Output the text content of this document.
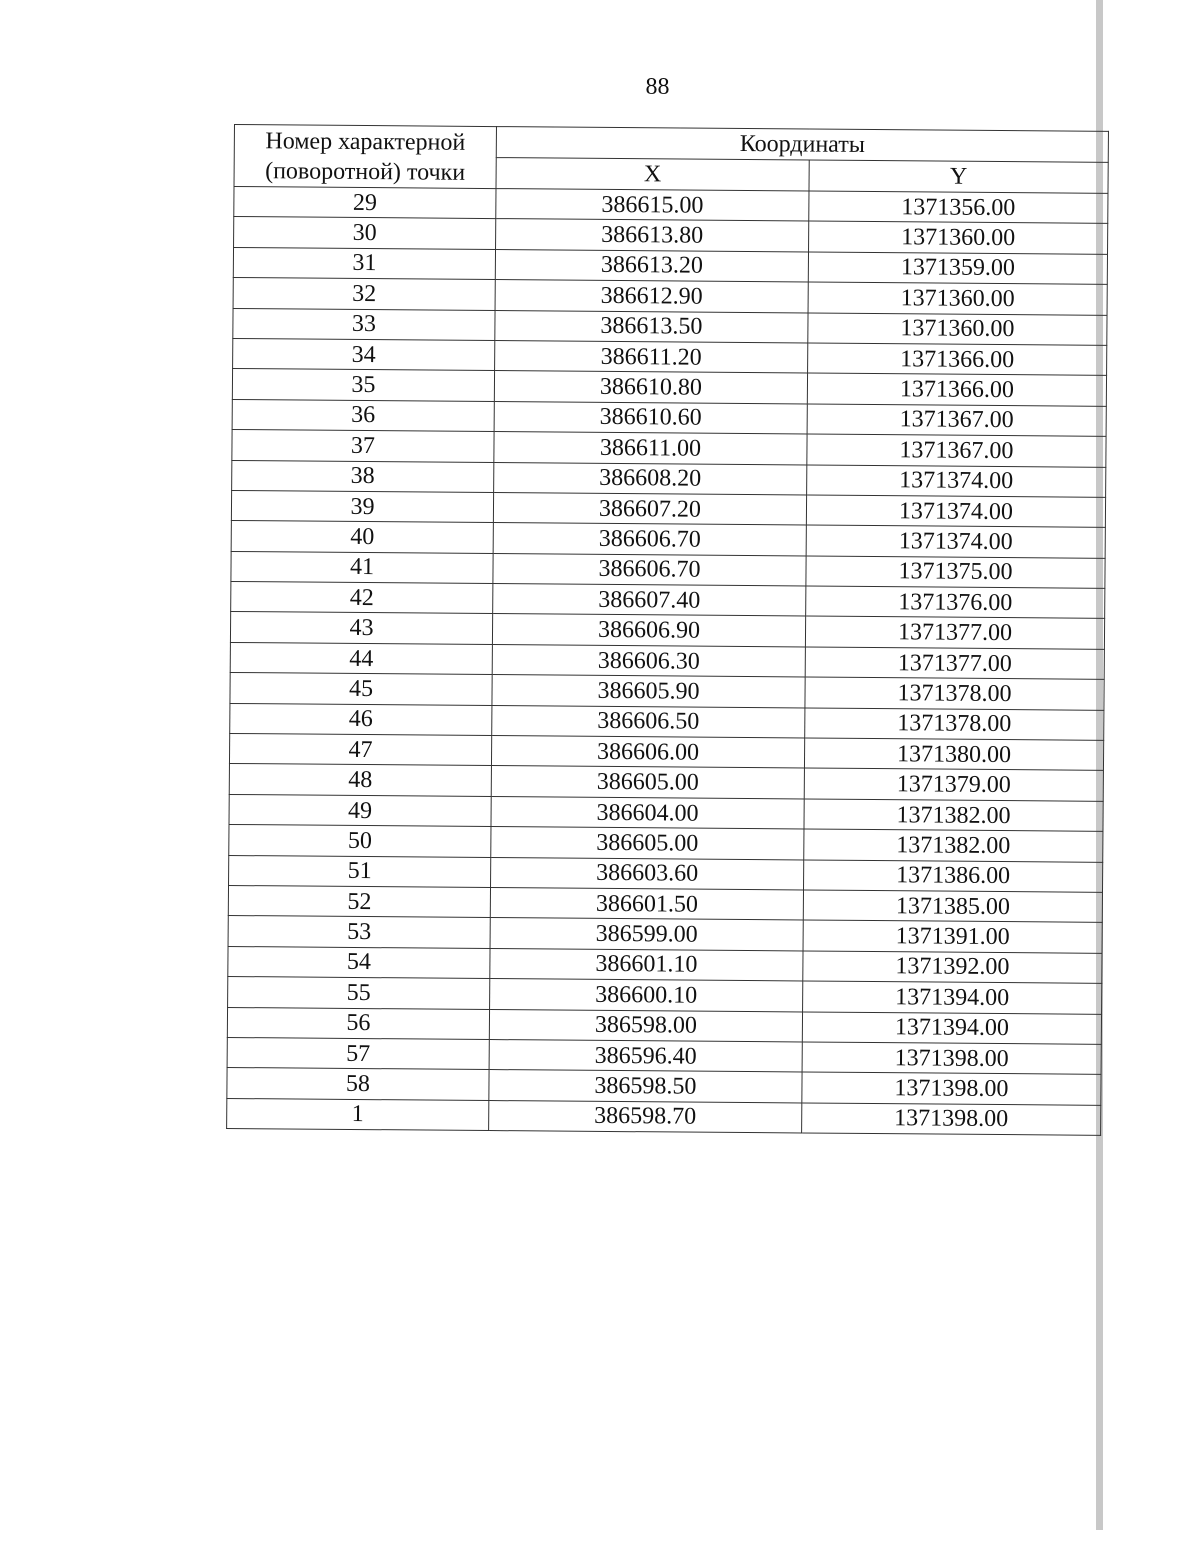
88
Номер характерной
(поворотной) точки	Координаты	
	X	Y
29	386615.00	1371356.00
30	386613.80	1371360.00
31	386613.20	1371359.00
32	386612.90	1371360.00
33	386613.50	1371360.00
34	386611.20	1371366.00
35	386610.80	1371366.00
36	386610.60	1371367.00
37	386611.00	1371367.00
38	386608.20	1371374.00
39	386607.20	1371374.00
40	386606.70	1371374.00
41	386606.70	1371375.00
42	386607.40	1371376.00
43	386606.90	1371377.00
44	386606.30	1371377.00
45	386605.90	1371378.00
46	386606.50	1371378.00
47	386606.00	1371380.00
48	386605.00	1371379.00
49	386604.00	1371382.00
50	386605.00	1371382.00
51	386603.60	1371386.00
52	386601.50	1371385.00
53	386599.00	1371391.00
54	386601.10	1371392.00
55	386600.10	1371394.00
56	386598.00	1371394.00
57	386596.40	1371398.00
58	386598.50	1371398.00
1	386598.70	1371398.00
